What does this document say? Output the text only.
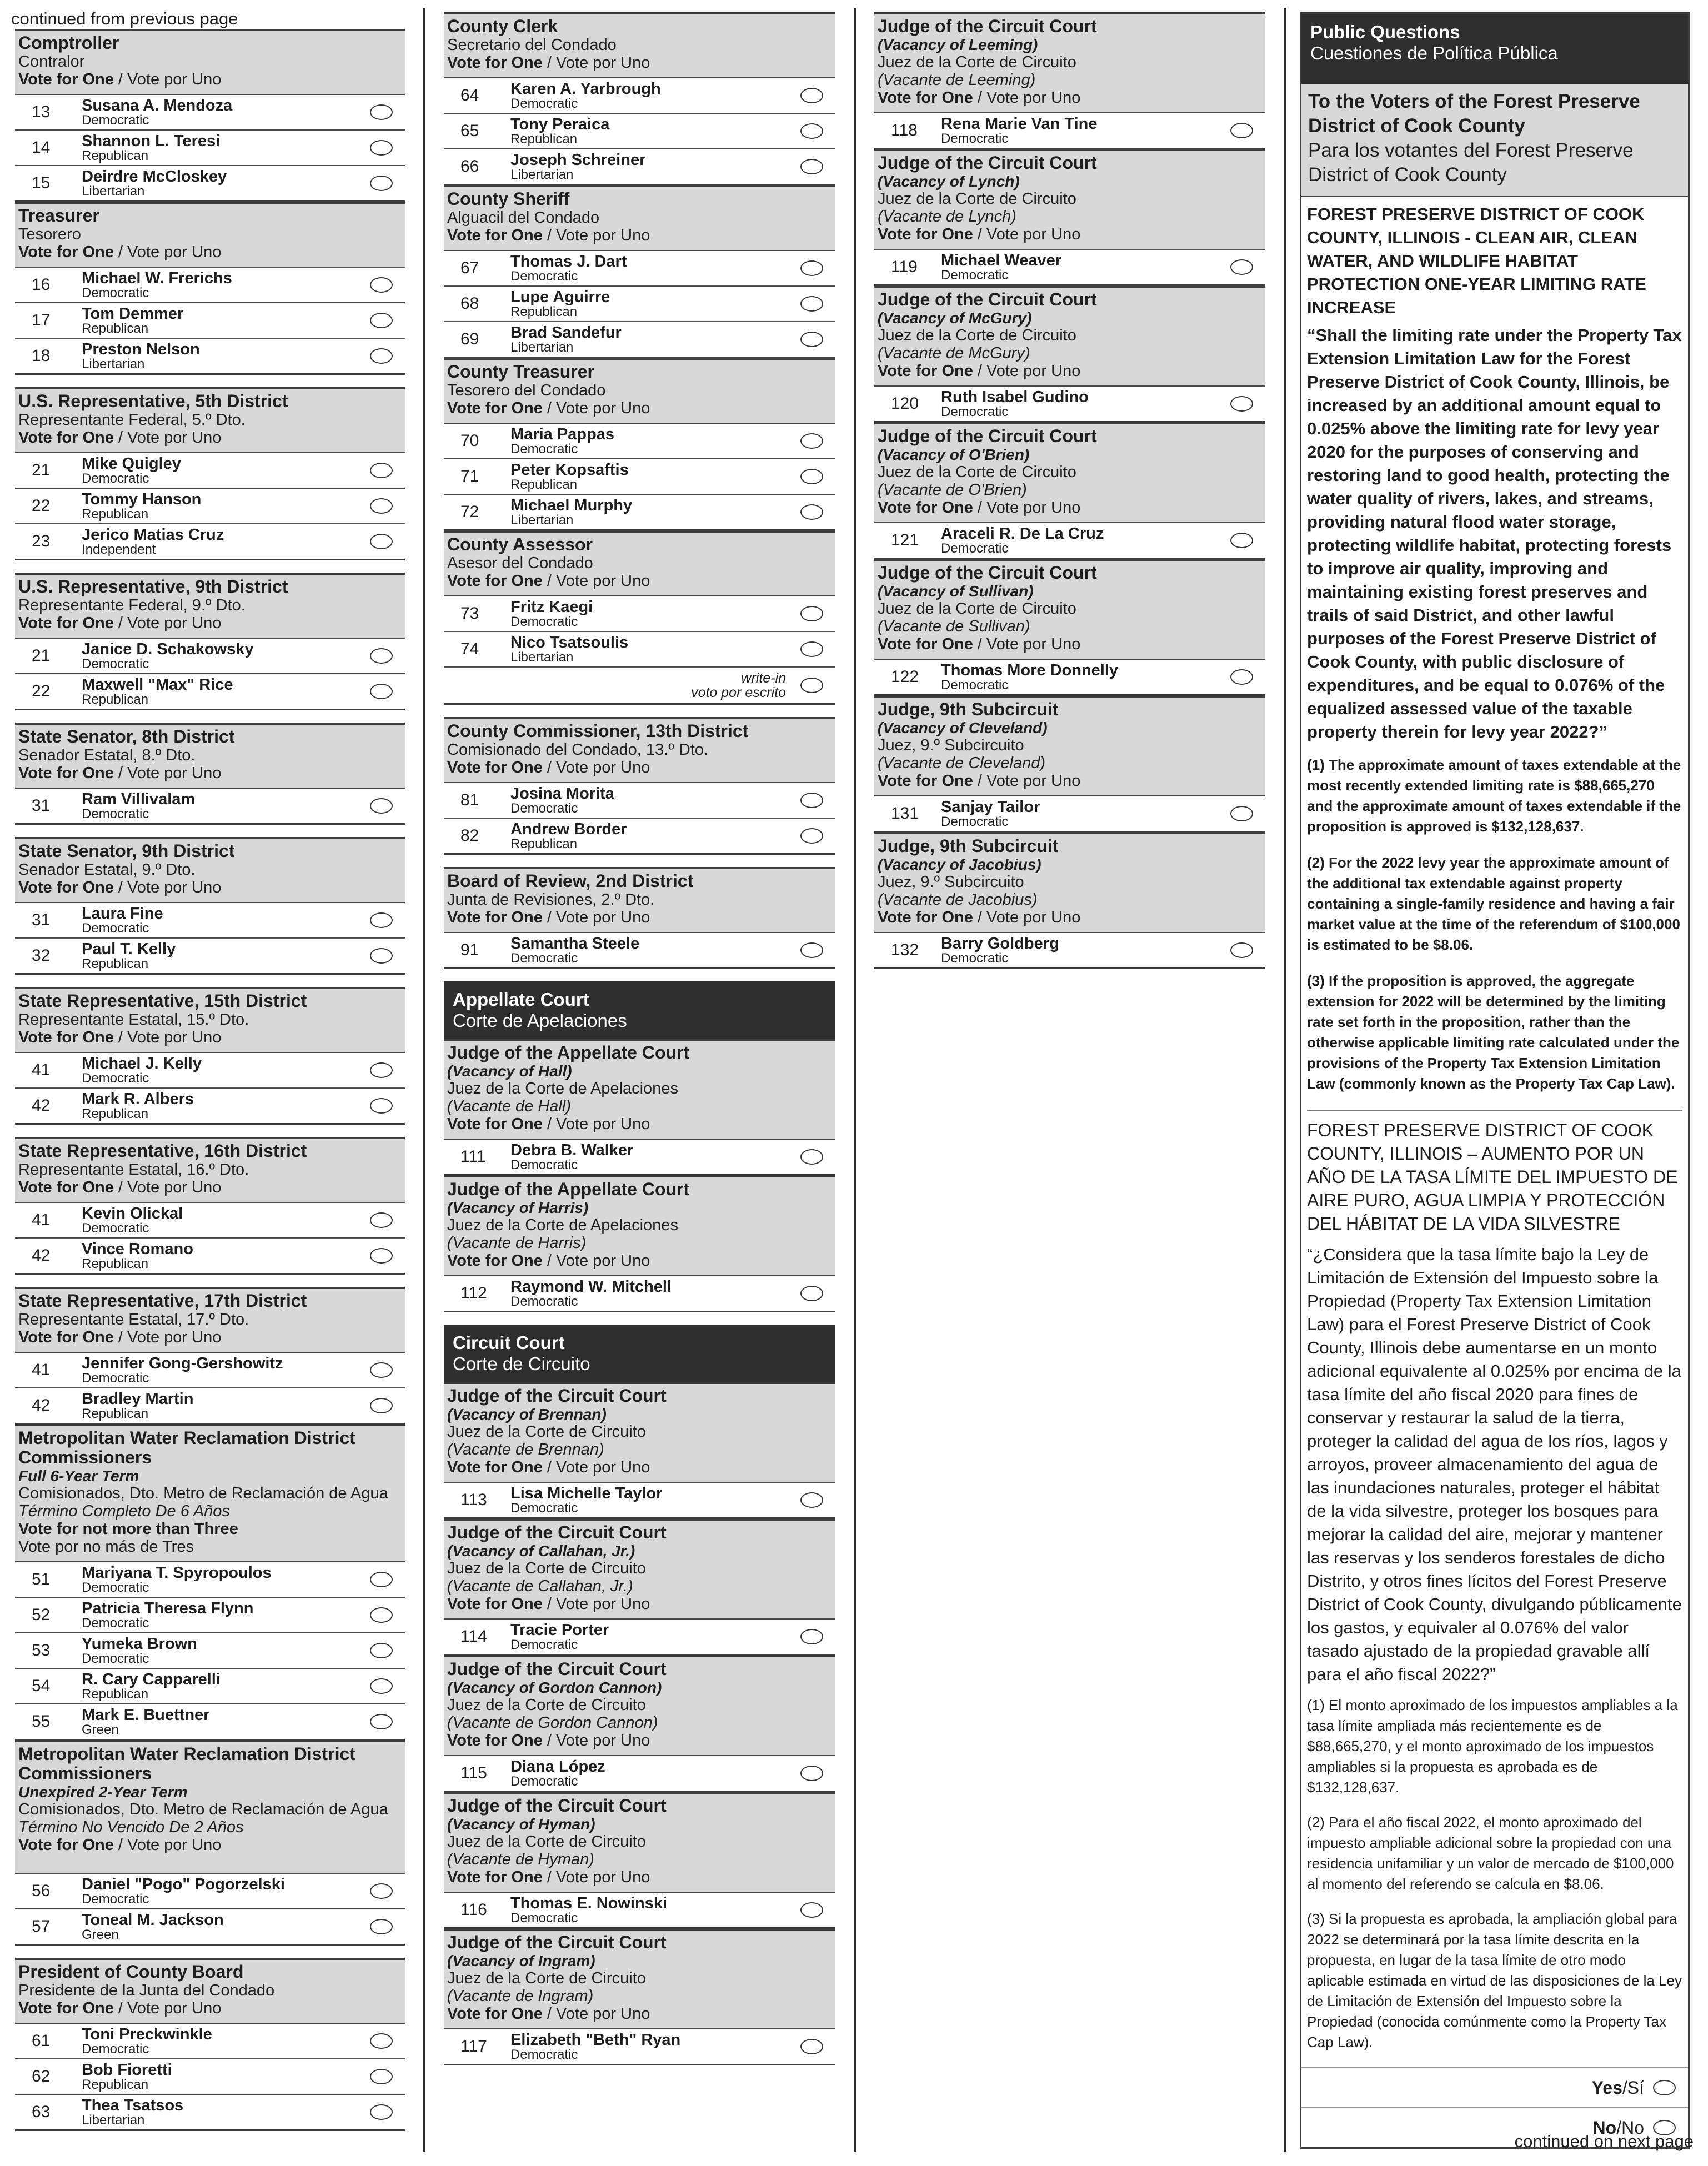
continued from previous page
Comptroller
Contralor
Vote for One / Vote por Uno
13	Susana A. Mendoza
Democratic
14	Shannon L. Teresi
Republican
15	Deirdre McCloskey
Libertarian
Treasurer
Tesorero
Vote for One / Vote por Uno
16	Michael W. Frerichs
Democratic
17	Tom Demmer
Republican
18	Preston Nelson
Libertarian
U.S. Representative, 5th District
Representante Federal, 5.º Dto.
Vote for One / Vote por Uno
21	Mike Quigley
Democratic
22	Tommy Hanson
Republican
23	Jerico Matias Cruz
Independent
U.S. Representative, 9th District
Representante Federal, 9.º Dto.
Vote for One / Vote por Uno
21	Janice D. Schakowsky
Democratic
22	Maxwell "Max" Rice
Republican
State Senator, 8th District
Senador Estatal, 8.º Dto.
Vote for One / Vote por Uno
31	Ram Villivalam
Democratic
State Senator, 9th District
Senador Estatal, 9.º Dto.
Vote for One / Vote por Uno
31	Laura Fine
Democratic
32	Paul T. Kelly
Republican
State Representative, 15th District
Representante Estatal, 15.º Dto.
Vote for One / Vote por Uno
41	Michael J. Kelly
Democratic
42	Mark R. Albers
Republican
State Representative, 16th District
Representante Estatal, 16.º Dto.
Vote for One / Vote por Uno
41	Kevin Olickal
Democratic
42	Vince Romano
Republican
State Representative, 17th District
Representante Estatal, 17.º Dto.
Vote for One / Vote por Uno
41	Jennifer Gong-Gershowitz
Democratic
42	Bradley Martin
Republican
Metropolitan Water Reclamation District Commissioners
Full 6-Year Term
Comisionados, Dto. Metro de Reclamación de Agua
Término Completo De 6 Años
Vote for not more than Three
Vote por no más de Tres
51	Mariyana T. Spyropoulos
Democratic
52	Patricia Theresa Flynn
Democratic
53	Yumeka Brown
Democratic
54	R. Cary Capparelli
Republican
55	Mark E. Buettner
Green
Metropolitan Water Reclamation District Commissioners
Unexpired 2-Year Term
Comisionados, Dto. Metro de Reclamación de Agua
Término No Vencido De 2 Años
Vote for One / Vote por Uno
56	Daniel "Pogo" Pogorzelski
Democratic
57	Toneal M. Jackson
Green
President of County Board
Presidente de la Junta del Condado
Vote for One / Vote por Uno
61	Toni Preckwinkle
Democratic
62	Bob Fioretti
Republican
63	Thea Tsatsos
Libertarian
County Clerk
Secretario del Condado
Vote for One / Vote por Uno
64	Karen A. Yarbrough
Democratic
65	Tony Peraica
Republican
66	Joseph Schreiner
Libertarian
County Sheriff
Alguacil del Condado
Vote for One / Vote por Uno
67	Thomas J. Dart
Democratic
68	Lupe Aguirre
Republican
69	Brad Sandefur
Libertarian
County Treasurer
Tesorero del Condado
Vote for One / Vote por Uno
70	Maria Pappas
Democratic
71	Peter Kopsaftis
Republican
72	Michael Murphy
Libertarian
County Assessor
Asesor del Condado
Vote for One / Vote por Uno
73	Fritz Kaegi
Democratic
74	Nico Tsatsoulis
Libertarian
write-in
voto por escrito
County Commissioner, 13th District
Comisionado del Condado, 13.º Dto.
Vote for One / Vote por Uno
81	Josina Morita
Democratic
82	Andrew Border
Republican
Board of Review, 2nd District
Junta de Revisiones, 2.º Dto.
Vote for One / Vote por Uno
91	Samantha Steele
Democratic
Appellate Court
Corte de Apelaciones
Judge of the Appellate Court
(Vacancy of Hall)
Juez de la Corte de Apelaciones
(Vacante de Hall)
Vote for One / Vote por Uno
111	Debra B. Walker
Democratic
Judge of the Appellate Court
(Vacancy of Harris)
Juez de la Corte de Apelaciones
(Vacante de Harris)
Vote for One / Vote por Uno
112	Raymond W. Mitchell
Democratic
Circuit Court
Corte de Circuito
Judge of the Circuit Court
(Vacancy of Brennan)
Juez de la Corte de Circuito
(Vacante de Brennan)
Vote for One / Vote por Uno
113	Lisa Michelle Taylor
Democratic
Judge of the Circuit Court
(Vacancy of Callahan, Jr.)
Juez de la Corte de Circuito
(Vacante de Callahan, Jr.)
Vote for One / Vote por Uno
114	Tracie Porter
Democratic
Judge of the Circuit Court
(Vacancy of Gordon Cannon)
Juez de la Corte de Circuito
(Vacante de Gordon Cannon)
Vote for One / Vote por Uno
115	Diana López
Democratic
Judge of the Circuit Court
(Vacancy of Hyman)
Juez de la Corte de Circuito
(Vacante de Hyman)
Vote for One / Vote por Uno
116	Thomas E. Nowinski
Democratic
Judge of the Circuit Court
(Vacancy of Ingram)
Juez de la Corte de Circuito
(Vacante de Ingram)
Vote for One / Vote por Uno
117	Elizabeth "Beth" Ryan
Democratic
Judge of the Circuit Court
(Vacancy of Leeming)
Juez de la Corte de Circuito
(Vacante de Leeming)
Vote for One / Vote por Uno
118	Rena Marie Van Tine
Democratic
Judge of the Circuit Court
(Vacancy of Lynch)
Juez de la Corte de Circuito
(Vacante de Lynch)
Vote for One / Vote por Uno
119	Michael Weaver
Democratic
Judge of the Circuit Court
(Vacancy of McGury)
Juez de la Corte de Circuito
(Vacante de McGury)
Vote for One / Vote por Uno
120	Ruth Isabel Gudino
Democratic
Judge of the Circuit Court
(Vacancy of O'Brien)
Juez de la Corte de Circuito
(Vacante de O'Brien)
Vote for One / Vote por Uno
121	Araceli R. De La Cruz
Democratic
Judge of the Circuit Court
(Vacancy of Sullivan)
Juez de la Corte de Circuito
(Vacante de Sullivan)
Vote for One / Vote por Uno
122	Thomas More Donnelly
Democratic
Judge, 9th Subcircuit
(Vacancy of Cleveland)
Juez, 9.º Subcircuito
(Vacante de Cleveland)
Vote for One / Vote por Uno
131	Sanjay Tailor
Democratic
Judge, 9th Subcircuit
(Vacancy of Jacobius)
Juez, 9.º Subcircuito
(Vacante de Jacobius)
Vote for One / Vote por Uno
132	Barry Goldberg
Democratic
Public Questions
Cuestiones de Política Pública
To the Voters of the Forest Preserve District of Cook County
Para los votantes del Forest Preserve District of Cook County
FOREST PRESERVE DISTRICT OF COOK COUNTY, ILLINOIS - CLEAN AIR, CLEAN WATER, AND WILDLIFE HABITAT PROTECTION ONE-YEAR LIMITING RATE INCREASE
“Shall the limiting rate under the Property Tax Extension Limitation Law for the Forest Preserve District of Cook County, Illinois, be increased by an additional amount equal to 0.025% above the limiting rate for levy year 2020 for the purposes of conserving and restoring land to good health, protecting the water quality of rivers, lakes, and streams, providing natural flood water storage, protecting wildlife habitat, protecting forests to improve air quality, improving and maintaining existing forest preserves and trails of said District, and other lawful purposes of the Forest Preserve District of Cook County, with public disclosure of expenditures, and be equal to 0.076% of the equalized assessed value of the taxable property therein for levy year 2022?”
(1) The approximate amount of taxes extendable at the most recently extended limiting rate is $88,665,270 and the approximate amount of taxes extendable if the proposition is approved is $132,128,637.
(2) For the 2022 levy year the approximate amount of the additional tax extendable against property containing a single-family residence and having a fair market value at the time of the referendum of $100,000 is estimated to be $8.06.
(3) If the proposition is approved, the aggregate extension for 2022 will be determined by the limiting rate set forth in the proposition, rather than the otherwise applicable limiting rate calculated under the provisions of the Property Tax Extension Limitation Law (commonly known as the Property Tax Cap Law).
FOREST PRESERVE DISTRICT OF COOK COUNTY, ILLINOIS – AUMENTO POR UN AÑO DE LA TASA LÍMITE DEL IMPUESTO DE AIRE PURO, AGUA LIMPIA Y PROTECCIÓN DEL HÁBITAT DE LA VIDA SILVESTRE
“¿Considera que la tasa límite bajo la Ley de Limitación de Extensión del Impuesto sobre la Propiedad (Property Tax Extension Limitation Law) para el Forest Preserve District of Cook County, Illinois debe aumentarse en un monto adicional equivalente al 0.025% por encima de la tasa límite del año fiscal 2020 para fines de conservar y restaurar la salud de la tierra, proteger la calidad del agua de los ríos, lagos y arroyos, proveer almacenamiento del agua de las inundaciones naturales, proteger el hábitat de la vida silvestre, proteger los bosques para mejorar la calidad del aire, mejorar y mantener las reservas y los senderos forestales de dicho Distrito, y otros fines lícitos del Forest Preserve District of Cook County, divulgando públicamente los gastos, y equivaler al 0.076% del valor tasado ajustado de la propiedad gravable allí para el año fiscal 2022?”
(1) El monto aproximado de los impuestos ampliables a la tasa límite ampliada más recientemente es de $88,665,270, y el monto aproximado de los impuestos ampliables si la propuesta es aprobada es de $132,128,637.
(2) Para el año fiscal 2022, el monto aproximado del impuesto ampliable adicional sobre la propiedad con una residencia unifamiliar y un valor de mercado de $100,000 al momento del referendo se calcula en $8.06.
(3) Si la propuesta es aprobada, la ampliación global para 2022 se determinará por la tasa límite descrita en la propuesta, en lugar de la tasa límite de otro modo aplicable estimada en virtud de las disposiciones de la Ley de Limitación de Extensión del Impuesto sobre la Propiedad (conocida comúnmente como la Property Tax Cap Law).
Yes/Sí
No/No
continued on next page
